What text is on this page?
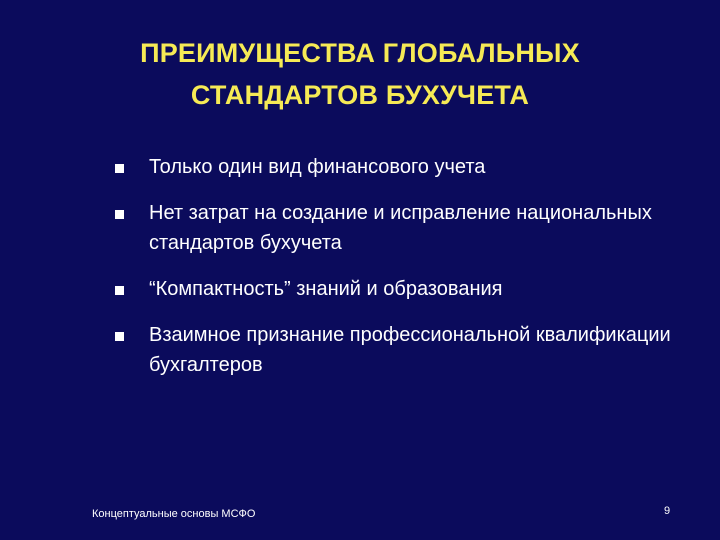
ПРЕИМУЩЕСТВА ГЛОБАЛЬНЫХ
СТАНДАРТОВ БУХУЧЕТА
Только один вид финансового учета
Нет затрат на создание и исправление национальных стандартов бухучета
“Компактность” знаний и образования
Взаимное признание профессиональной квалификации бухгалтеров
Концептуальные основы МСФО	9
